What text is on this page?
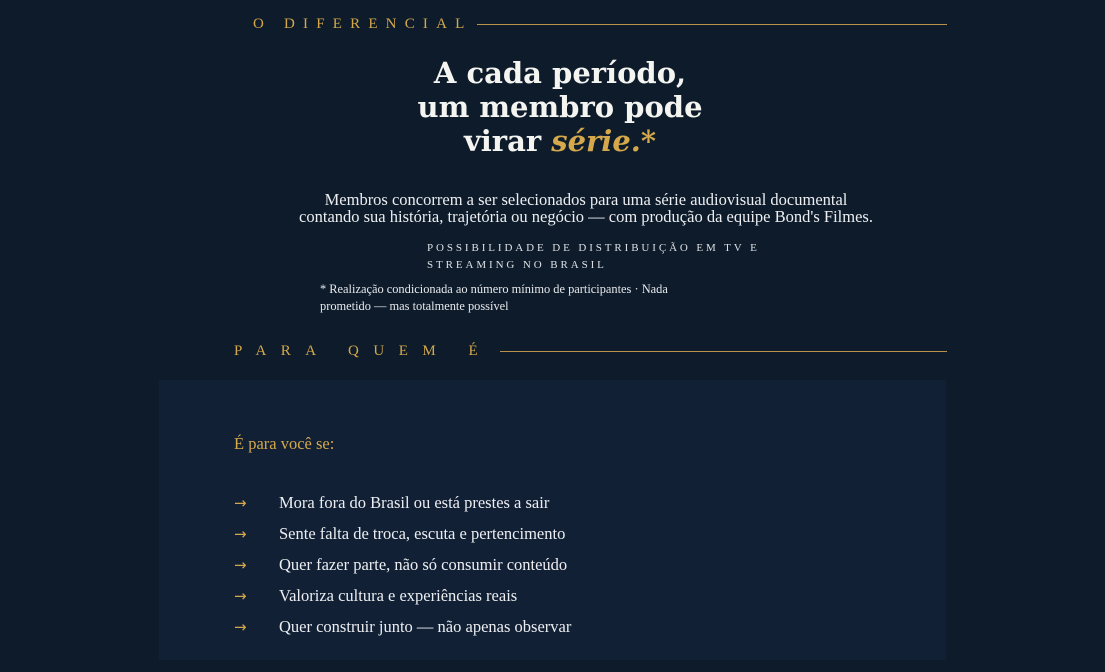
O DIFERENCIAL
A cada período,
um membro pode
virar série.*

Membros concorrem a ser selecionados para uma série audiovisual documental
contando sua história, trajetória ou negócio — com produção da equipe Bond's Filmes.

POSSIBILIDADE DE DISTRIBUIÇÃO EM TV E
STREAMING NO BRASIL

* Realização condicionada ao número mínimo de participantes · Nada
prometido — mas totalmente possível

PARA QUEM É

É para você se:

→	Mora fora do Brasil ou está prestes a sair
→	Sente falta de troca, escuta e pertencimento
→	Quer fazer parte, não só consumir conteúdo
→	Valoriza cultura e experiências reais
→	Quer construir junto — não apenas observar
